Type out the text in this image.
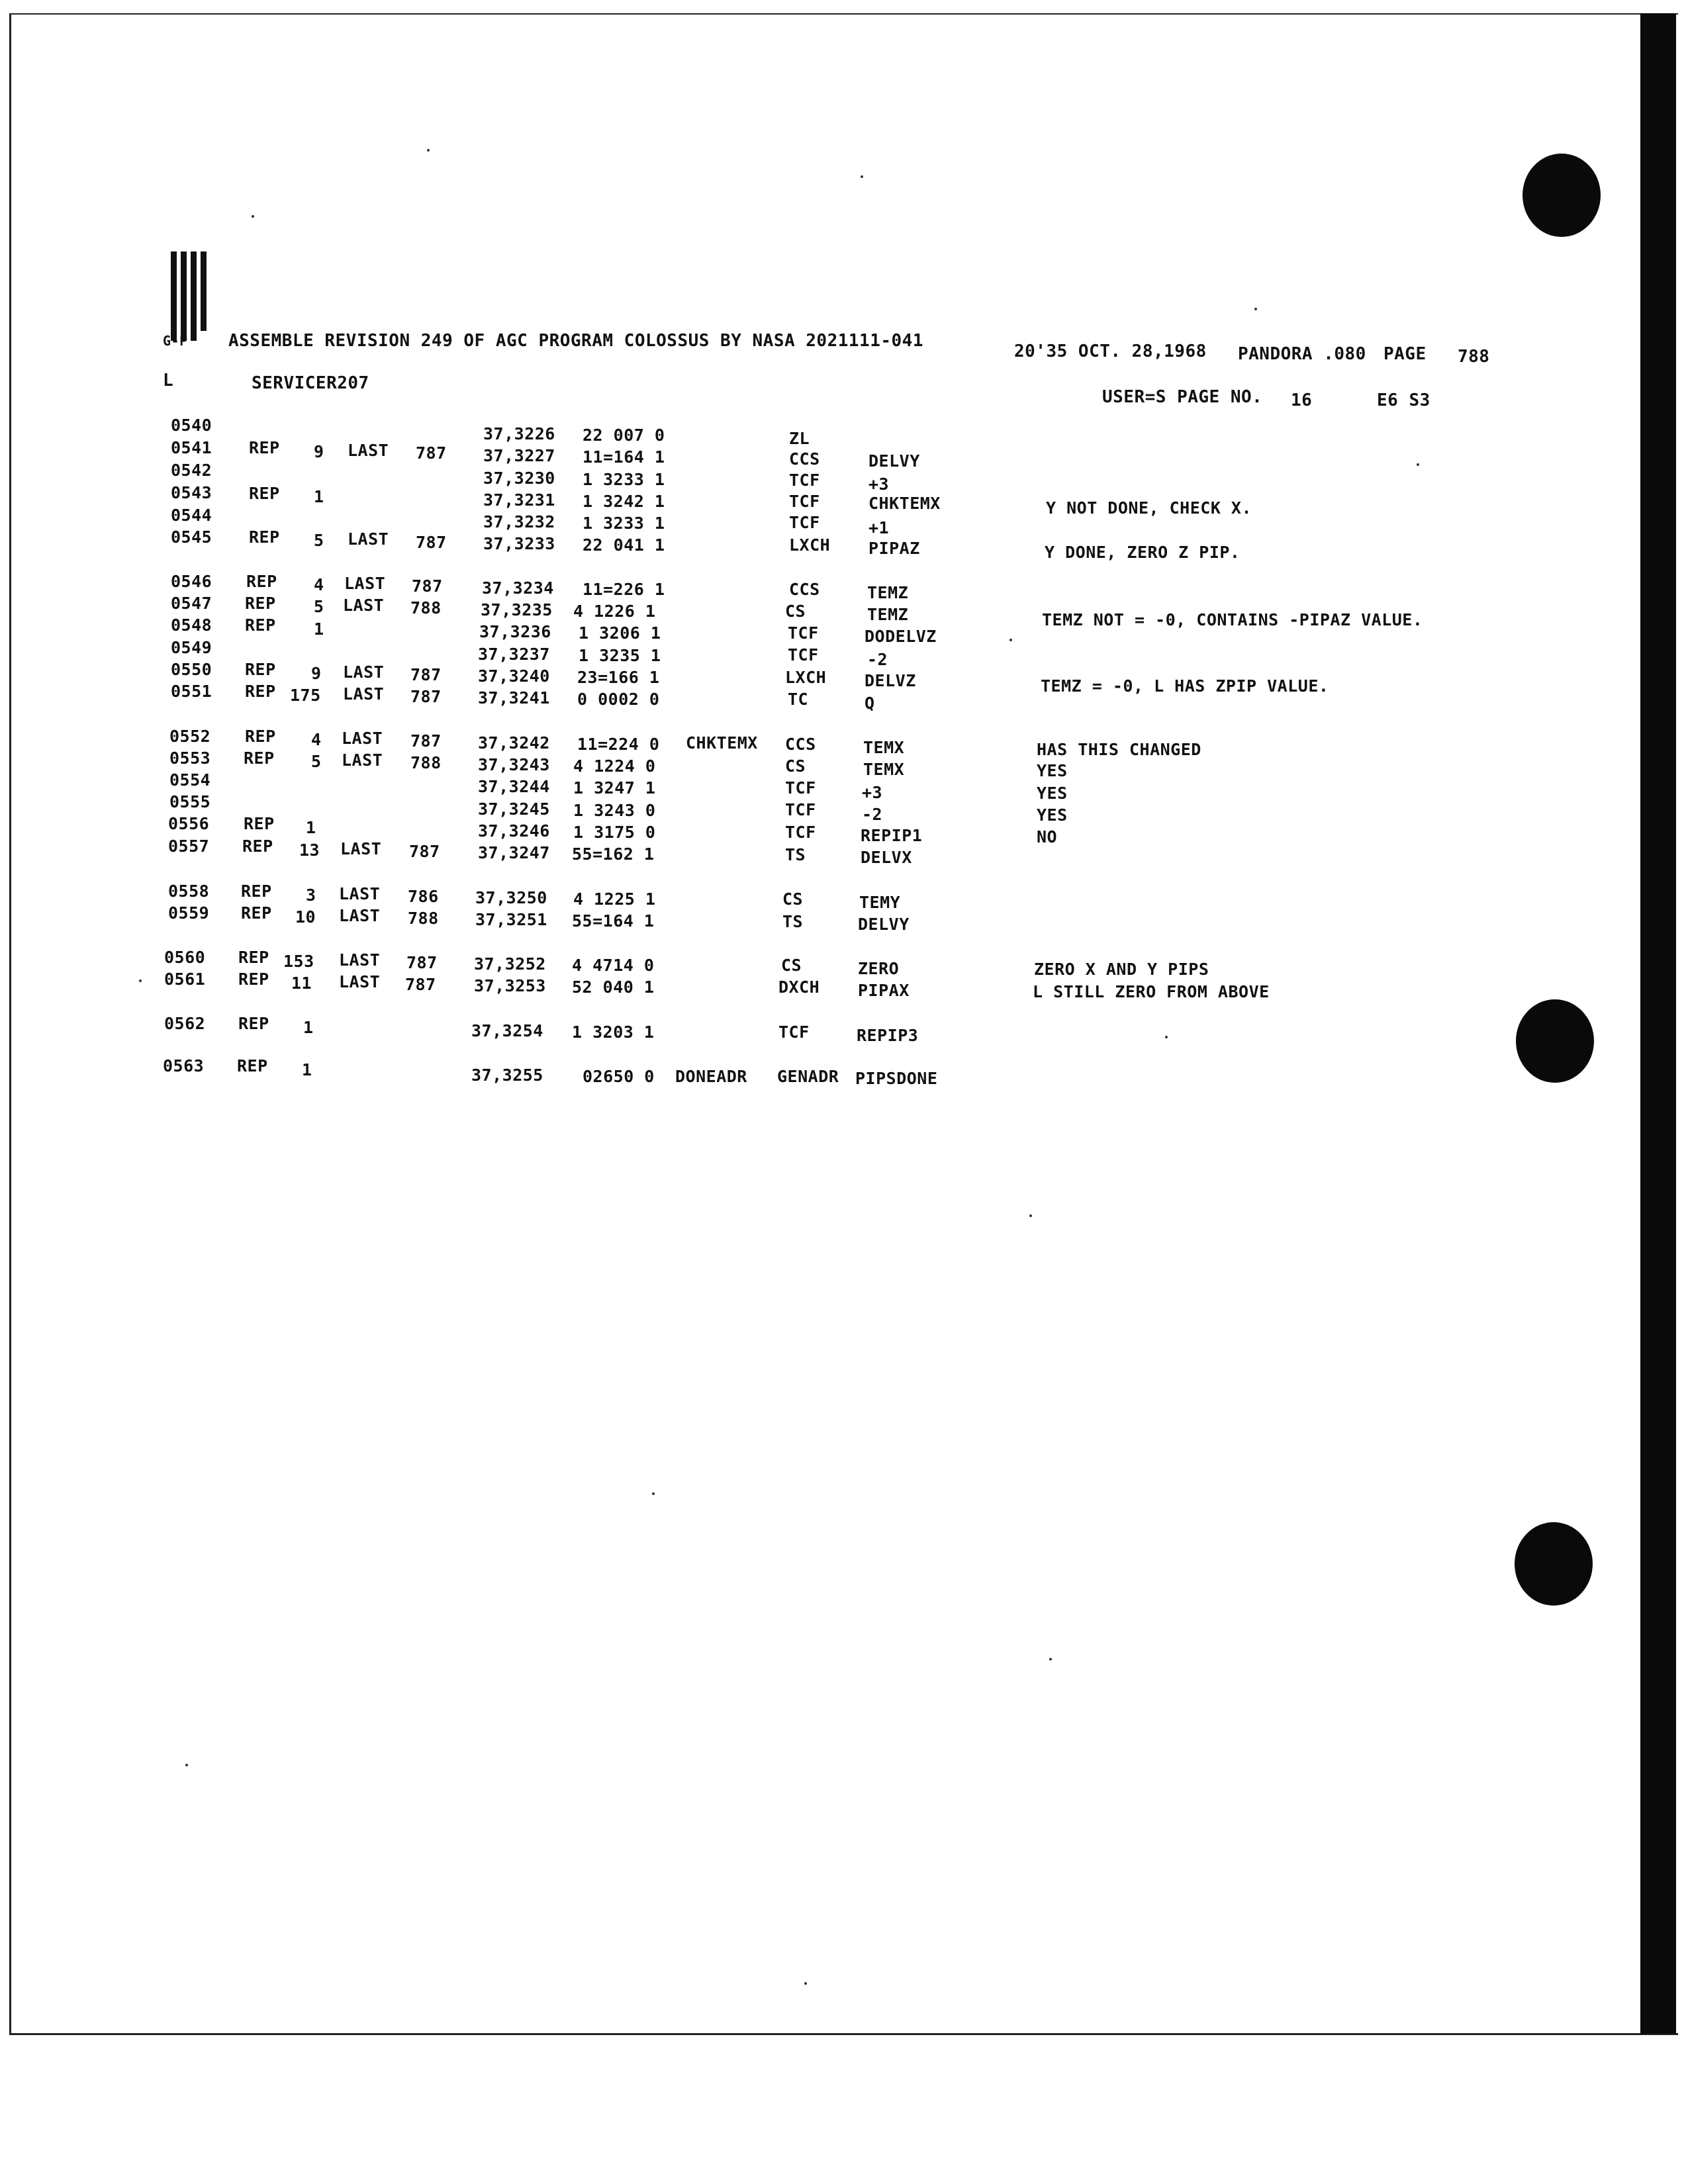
G-P ASSEMBLE REVISION 249 OF AGC PROGRAM COLOSSUS BY NASA 2021111-041
20'35 OCT. 28,1968 PANDORA .080 PAGE 788
L	SERVICER207
USER=S PAGE NO. 16	E6 S3
0540	37,3226 22 007 0	ZL
0541 REP 9 LAST 787 37,3227 11=164 1	CCS	DELVY
0542	37,3230 1 3233 1	TCF	+3
0543 REP 1	37,3231 1 3242 1	TCF	CHKTEMX
0544	37,3232 1 3233 1	TCF	+1
0545 REP 5 LAST 787 37,3233 22 041 1	LXCH PIPAZ
0546 REP 4 LAST 787 37,3234 11=226 1	CCS	TEMZ
0547 REP 5 LAST 788 37,3235 4 1226 1	CS	TEMZ
0548 REP 1	37,3236 1 3206 1	TCF	DODELVZ
0549	37,3237 1 3235 1	TCF	-2
0550 REP 9 LAST 787 37,3240 23=166 1	LXCH DELVZ
0551 REP 175 LAST 787 37,3241 0 0002 0	TC	Q
0552 REP 4 LAST 787 37,3242 11=224 0 CHKTEMX CCS	TEMX
0553 REP 5 LAST 788 37,3243 4 1224 0	CS	TEMX
0554	37,3244 1 3247 1	TCF	+3
0555	37,3245 1 3243 0	TCF	-2
0556 REP 1	37,3246 1 3175 0	TCF	REPIP1
0557 REP 13 LAST 787 37,3247 55=162 1	TS	DELVX
0558 REP 3 LAST 786 37,3250 4 1225 1	CS	TEMY
0559 REP 10 LAST 788 37,3251 55=164 1	TS	DELVY
0560 REP 153 LAST 787 37,3252 4 4714 0	CS	ZERO
0561 REP 11 LAST 787 37,3253 52 040 1	DXCH PIPAX
0562 REP 1	37,3254 1 3203 1	TCF	REPIP3
0563 REP 1	37,3255 02650 0 DONEADR GENADR PIPSDONE
Y NOT DONE, CHECK X.
Y DONE, ZERO Z PIP.
TEMZ NOT = -0, CONTAINS -PIPAZ VALUE.
TEMZ = -0, L HAS ZPIP VALUE.
HAS THIS CHANGED
YES
YES
YES
NO
ZERO X AND Y PIPS
L STILL ZERO FROM ABOVE
